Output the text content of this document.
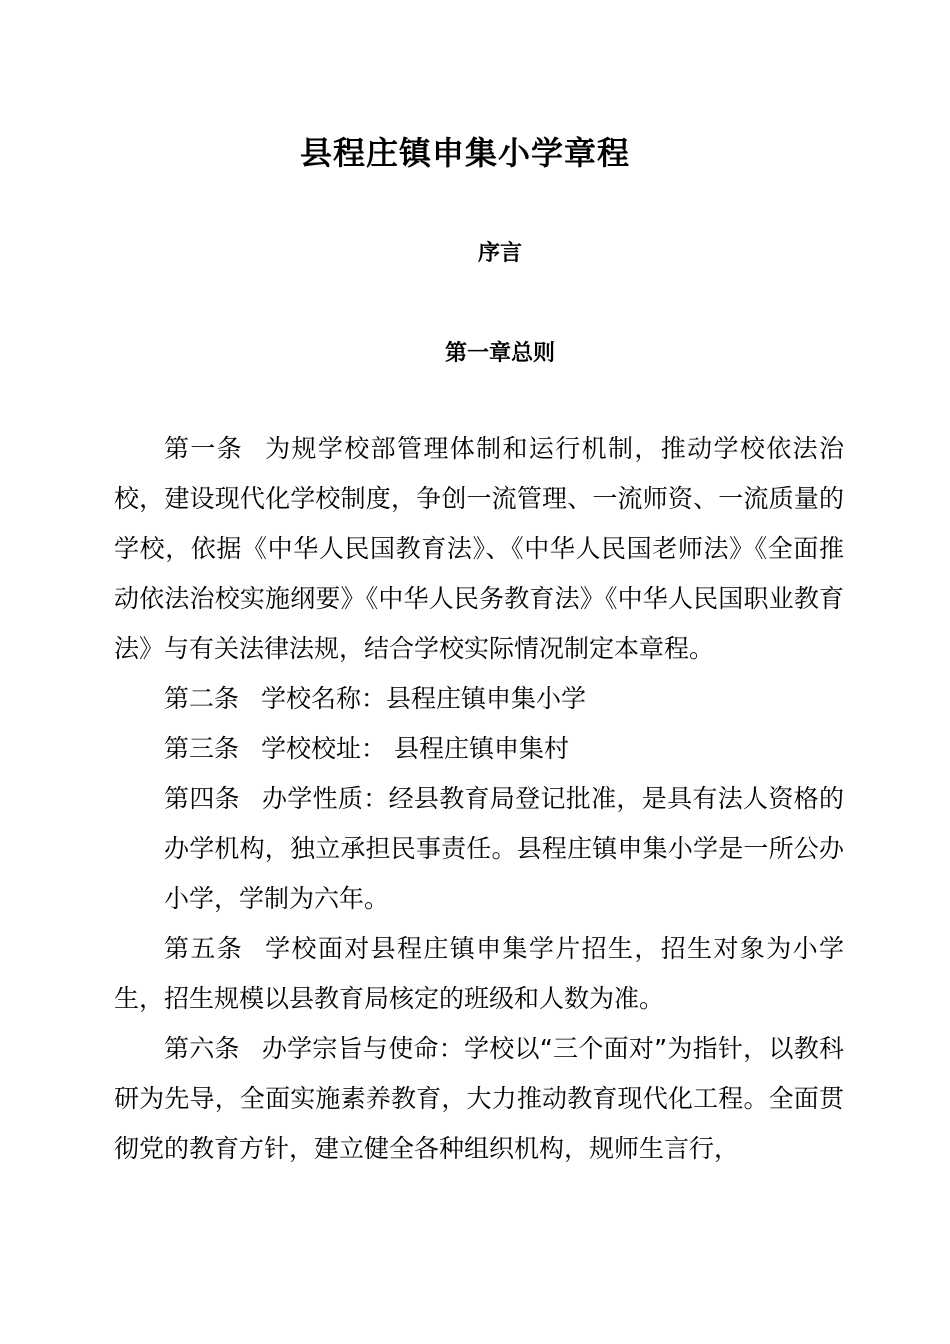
县程庄镇申集小学章程
序言
第一章总则

第一条 为规学校部管理体制和运行机制，推动学校依法治校，建设现代化学校制度，争创一流管理、一流师资、一流质量的学校，依据《中华人民国教育法》、《中华人民国老师法》《全面推动依法治校实施纲要》《中华人民务教育法》《中华人民国职业教育法》与有关法律法规，结合学校实际情况制定本章程。

第二条 学校名称：县程庄镇申集小学

第三条 学校校址： 县程庄镇申集村

第四条 办学性质：经县教育局登记批准，是具有法人资格的办学机构，独立承担民事责任。县程庄镇申集小学是一所公办小学，学制为六年。

第五条 学校面对县程庄镇申集学片招生，招生对象为小学生，招生规模以县教育局核定的班级和人数为准。

第六条 办学宗旨与使命：学校以“三个面对”为指针，以教科研为先导，全面实施素养教育，大力推动教育现代化工程。全面贯彻党的教育方针，建立健全各种组织机构，规师生言行，
